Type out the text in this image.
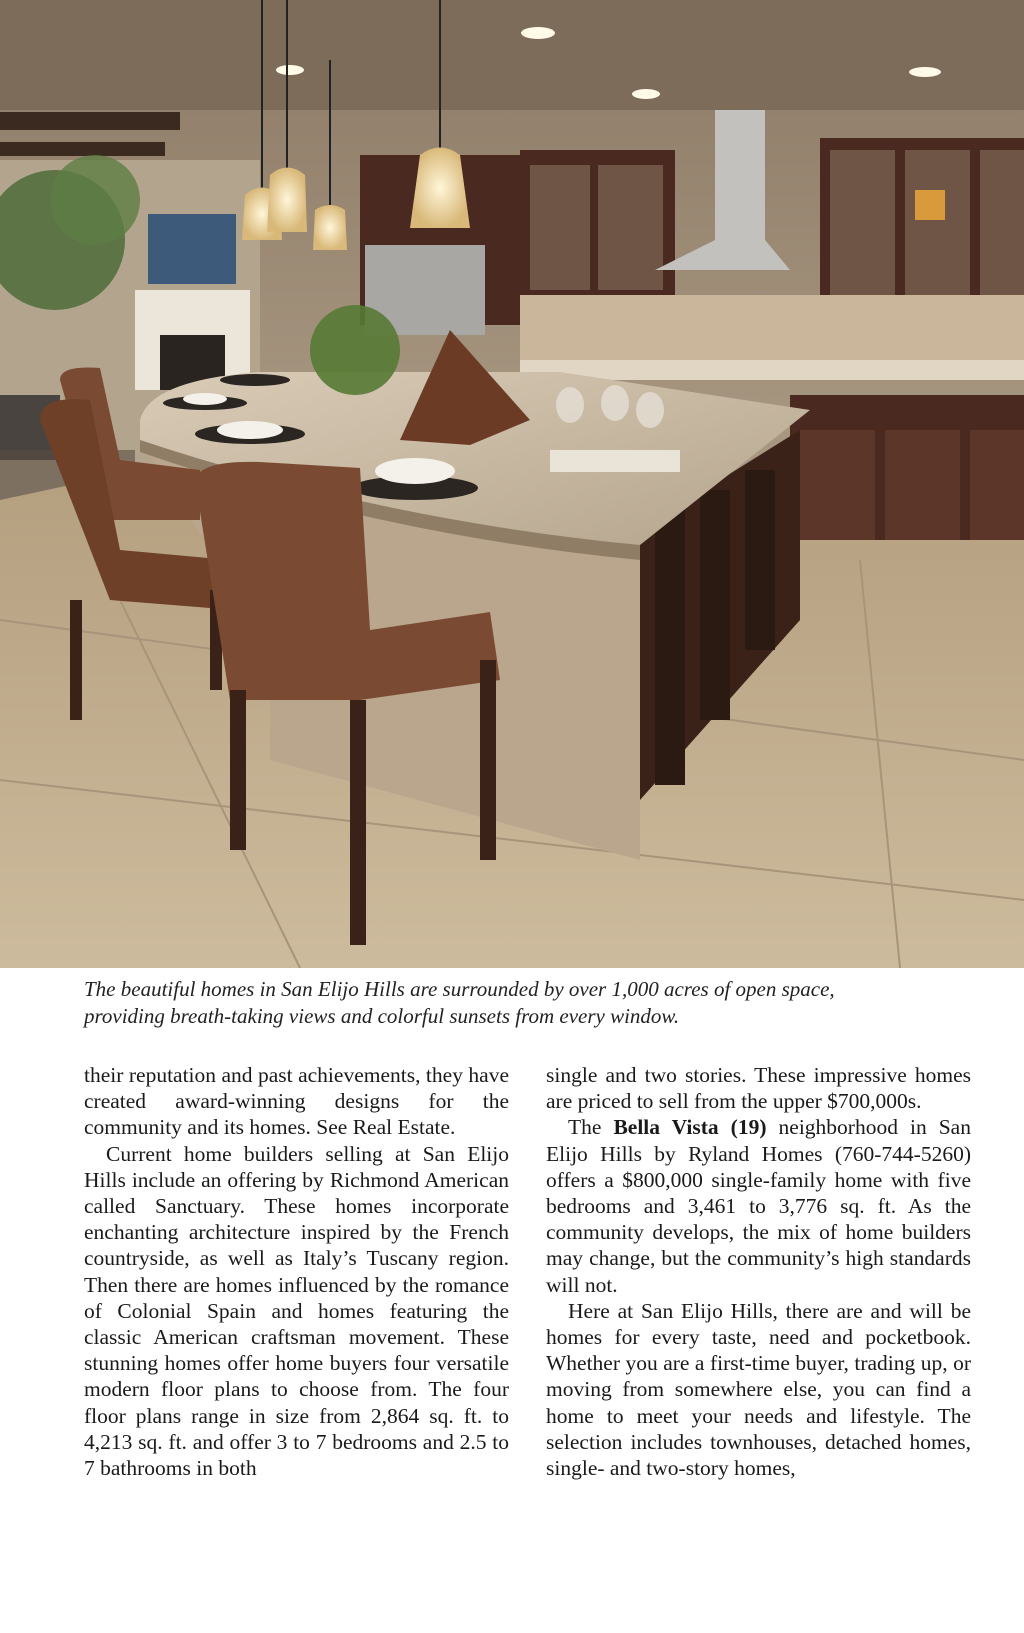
The beautiful homes in San Elijo Hills are surrounded by over 1,000 acres of open space,
providing breath-taking views and colorful sunsets from every window.

their reputation and past achievements, they have created award-winning designs for the community and its homes. See Real Estate.

Current home builders selling at San Elijo Hills include an offering by Richmond American called Sanctuary. These homes incorporate enchanting architecture inspired by the French countryside, as well as Italy’s Tuscany region. Then there are homes influenced by the romance of Colonial Spain and homes featuring the classic American craftsman movement. These stunning homes offer home buyers four versatile modern floor plans to choose from. The four floor plans range in size from 2,864 sq. ft. to 4,213 sq. ft. and offer 3 to 7 bedrooms and 2.5 to 7 bathrooms in both

single and two stories. These impressive homes are priced to sell from the upper $700,000s.

The Bella Vista (19) neighborhood in San Elijo Hills by Ryland Homes (760-744-5260) offers a $800,000 single-family home with five bedrooms and 3,461 to 3,776 sq. ft. As the community develops, the mix of home builders may change, but the community’s high standards will not.

Here at San Elijo Hills, there are and will be homes for every taste, need and pocketbook. Whether you are a first-time buyer, trading up, or moving from somewhere else, you can find a home to meet your needs and lifestyle. The selection includes townhouses, detached homes, single- and two-story homes,
